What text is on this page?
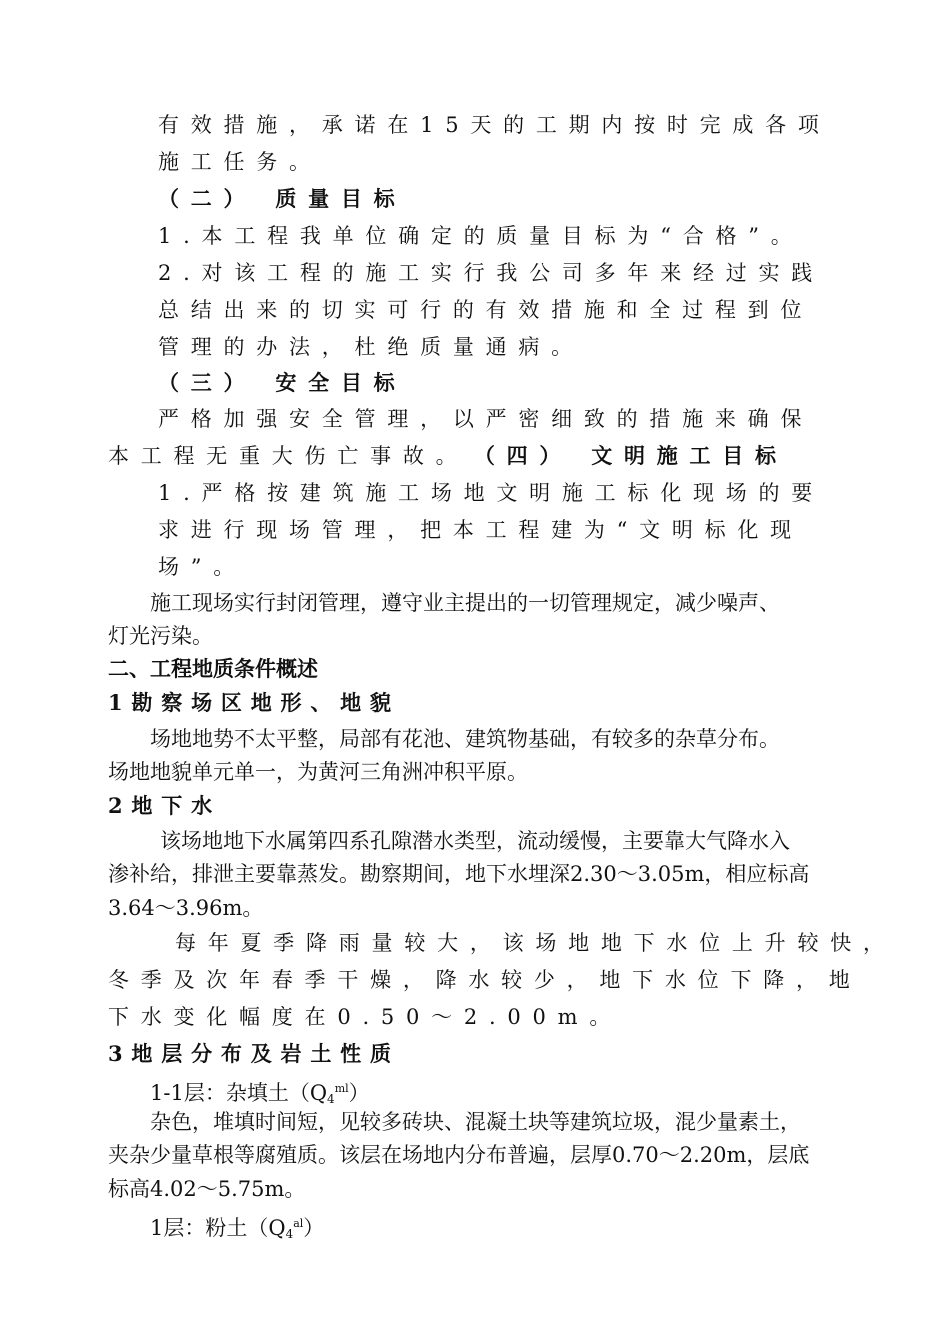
有效措施，承诺在15天的工期内按时完成各项
施工任务。
（二） 质量目标
1.本工程我单位确定的质量目标为“合格”。
2.对该工程的施工实行我公司多年来经过实践
总结出来的切实可行的有效措施和全过程到位
管理的办法，杜绝质量通病。
（三） 安全目标
严格加强安全管理，以严密细致的措施来确保
本工程无重大伤亡事故。 （四） 文明施工目标
1.严格按建筑施工场地文明施工标化现场的要
求进行现场管理，把本工程建为“文明标化现
场”。
施工现场实行封闭管理，遵守业主提出的一切管理规定，减少噪声、
灯光污染。
二、工程地质条件概述
1勘察场区地形、地貌
场地地势不太平整，局部有花池、建筑物基础，有较多的杂草分布。
场地地貌单元单一，为黄河三角洲冲积平原。
2地下水
该场地地下水属第四系孔隙潜水类型，流动缓慢，主要靠大气降水入
渗补给，排泄主要靠蒸发。勘察期间，地下水埋深2.30～3.05m，相应标高
3.64～3.96m。
每年夏季降雨量较大，该场地地下水位上升较快，
冬季及次年春季干燥，降水较少，地下水位下降，地
下水变化幅度在0.50～2.00m。
3地层分布及岩土性质
1-1层：杂填土$(Q_4^{ml})$
杂色，堆填时间短，见较多砖块、混凝土块等建筑垃圾，混少量素土，
夹杂少量草根等腐殖质。该层在场地内分布普遍，层厚0.70～2.20m，层底
标高4.02～5.75m。
1层：粉土$(Q_4^{al})$
